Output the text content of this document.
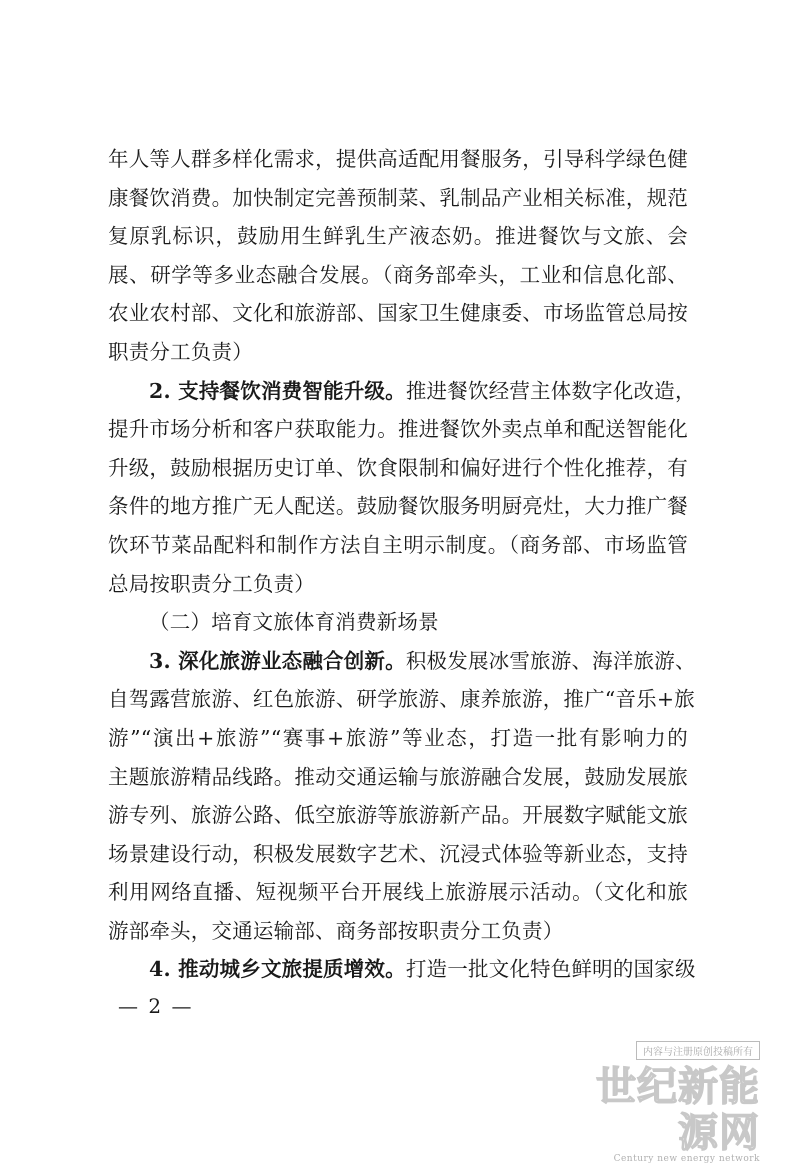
年人等人群多样化需求，提供高适配用餐服务，引导科学绿色健
康餐饮消费。加快制定完善预制菜、乳制品产业相关标准，规范
复原乳标识，鼓励用生鲜乳生产液态奶。推进餐饮与文旅、会
展、研学等多业态融合发展。（商务部牵头，工业和信息化部、
农业农村部、文化和旅游部、国家卫生健康委、市场监管总局按
职责分工负责）
2. 支持餐饮消费智能升级。推进餐饮经营主体数字化改造，
提升市场分析和客户获取能力。推进餐饮外卖点单和配送智能化
升级，鼓励根据历史订单、饮食限制和偏好进行个性化推荐，有
条件的地方推广无人配送。鼓励餐饮服务明厨亮灶，大力推广餐
饮环节菜品配料和制作方法自主明示制度。（商务部、市场监管
总局按职责分工负责）
（二）培育文旅体育消费新场景
3. 深化旅游业态融合创新。积极发展冰雪旅游、海洋旅游、
自驾露营旅游、红色旅游、研学旅游、康养旅游，推广“音乐+旅
游”“演出+旅游”“赛事+旅游”等业态，打造一批有影响力的
主题旅游精品线路。推动交通运输与旅游融合发展，鼓励发展旅
游专列、旅游公路、低空旅游等旅游新产品。开展数字赋能文旅
场景建设行动，积极发展数字艺术、沉浸式体验等新业态，支持
利用网络直播、短视频平台开展线上旅游展示活动。（文化和旅
游部牵头，交通运输部、商务部按职责分工负责）
4. 推动城乡文旅提质增效。打造一批文化特色鲜明的国家级
— 2 —
内容与注册原创投稿所有
世纪新能源网
Century new energy network
